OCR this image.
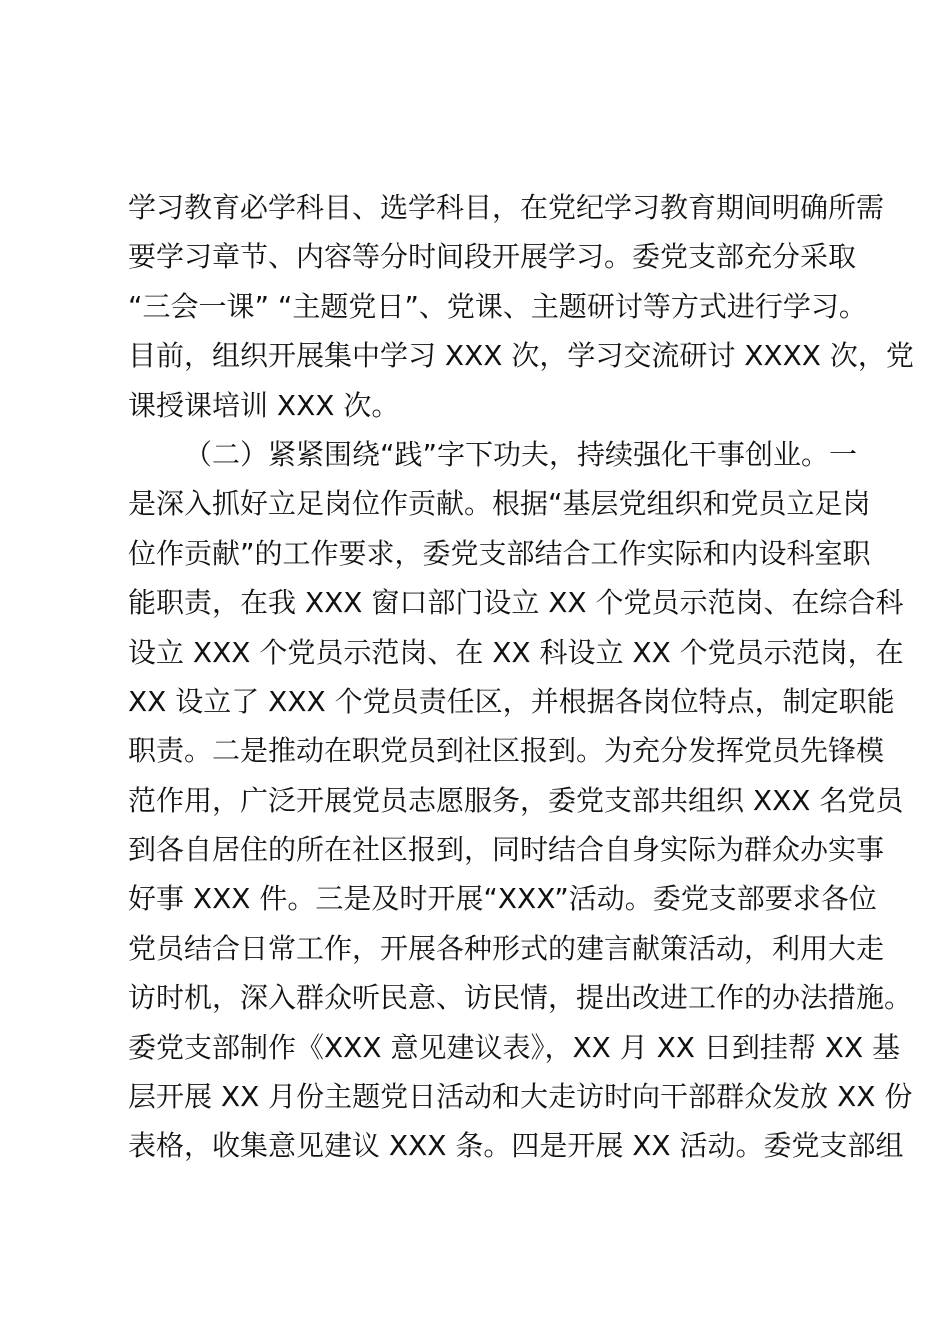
学习教育必学科目、选学科目，在党纪学习教育期间明确所需
要学习章节、内容等分时间段开展学习。委党支部充分采取
“三会一课” “主题党日”、党课、主题研讨等方式进行学习。
目前，组织开展集中学习 XXX 次，学习交流研讨 XXXX 次，党
课授课培训 XXX 次。
（二）紧紧围绕“践”字下功夫，持续强化干事创业。一
是深入抓好立足岗位作贡献。根据“基层党组织和党员立足岗
位作贡献”的工作要求，委党支部结合工作实际和内设科室职
能职责，在我 XXX 窗口部门设立 XX 个党员示范岗、在综合科
设立 XXX 个党员示范岗、在 XX 科设立 XX 个党员示范岗，在
XX 设立了 XXX 个党员责任区，并根据各岗位特点，制定职能
职责。二是推动在职党员到社区报到。为充分发挥党员先锋模
范作用，广泛开展党员志愿服务，委党支部共组织 XXX 名党员
到各自居住的所在社区报到，同时结合自身实际为群众办实事
好事 XXX 件。三是及时开展“XXX”活动。委党支部要求各位
党员结合日常工作，开展各种形式的建言献策活动，利用大走
访时机，深入群众听民意、访民情，提出改进工作的办法措施。
委党支部制作《XXX 意见建议表》，XX 月 XX 日到挂帮 XX 基
层开展 XX 月份主题党日活动和大走访时向干部群众发放 XX 份
表格，收集意见建议 XXX 条。四是开展 XX 活动。委党支部组
